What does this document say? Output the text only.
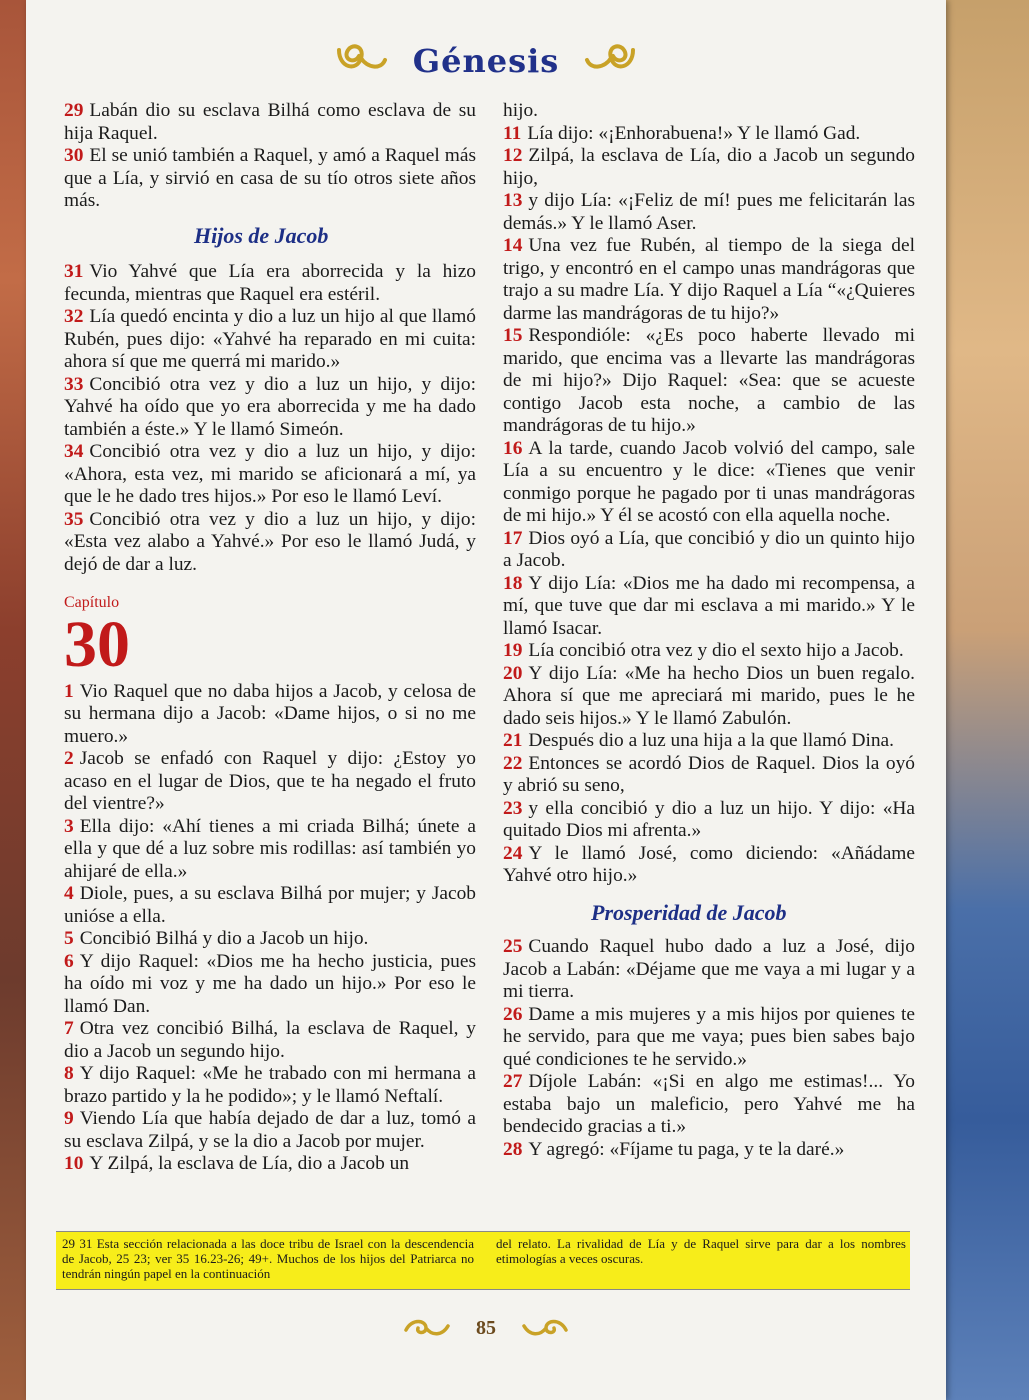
Génesis

29 Labán dio su esclava Bilhá como esclava de su hija Raquel.

30 El se unió también a Raquel, y amó a Raquel más que a Lía, y sirvió en casa de su tío otros siete años más.

Hijos de Jacob

31 Vio Yahvé que Lía era aborrecida y la hizo fecunda, mientras que Raquel era estéril.

32 Lía quedó encinta y dio a luz un hijo al que llamó Rubén, pues dijo: «Yahvé ha reparado en mi cuita: ahora sí que me querrá mi marido.»

33 Concibió otra vez y dio a luz un hijo, y dijo: Yahvé ha oído que yo era aborrecida y me ha dado también a éste.» Y le llamó Simeón.

34 Concibió otra vez y dio a luz un hijo, y dijo: «Ahora, esta vez, mi marido se aficionará a mí, ya que le he dado tres hijos.» Por eso le llamó Leví.

35 Concibió otra vez y dio a luz un hijo, y dijo: «Esta vez alabo a Yahvé.» Por eso le llamó Judá, y dejó de dar a luz.

Capítulo
30

1 Vio Raquel que no daba hijos a Jacob, y celosa de su hermana dijo a Jacob: «Dame hijos, o si no me muero.»

2 Jacob se enfadó con Raquel y dijo: ¿Estoy yo acaso en el lugar de Dios, que te ha negado el fruto del vientre?»

3 Ella dijo: «Ahí tienes a mi criada Bilhá; únete a ella y que dé a luz sobre mis rodillas: así también yo ahijaré de ella.»

4 Diole, pues, a su esclava Bilhá por mujer; y Jacob unióse a ella.

5 Concibió Bilhá y dio a Jacob un hijo.

6 Y dijo Raquel: «Dios me ha hecho justicia, pues ha oído mi voz y me ha dado un hijo.» Por eso le llamó Dan.

7 Otra vez concibió Bilhá, la esclava de Raquel, y dio a Jacob un segundo hijo.

8 Y dijo Raquel: «Me he trabado con mi hermana a brazo partido y la he podido»; y le llamó Neftalí.

9 Viendo Lía que había dejado de dar a luz, tomó a su esclava Zilpá, y se la dio a Jacob por mujer.

10 Y Zilpá, la esclava de Lía, dio a Jacob un

hijo.

11 Lía dijo: «¡Enhorabuena!» Y le llamó Gad.

12 Zilpá, la esclava de Lía, dio a Jacob un segundo hijo,

13 y dijo Lía: «¡Feliz de mí! pues me felicitarán las demás.» Y le llamó Aser.

14 Una vez fue Rubén, al tiempo de la siega del trigo, y encontró en el campo unas mandrágoras que trajo a su madre Lía. Y dijo Raquel a Lía “«¿Quieres darme las mandrágoras de tu hijo?»

15 Respondióle: «¿Es poco haberte llevado mi marido, que encima vas a llevarte las mandrágoras de mi hijo?» Dijo Raquel: «Sea: que se acueste contigo Jacob esta noche, a cambio de las mandrágoras de tu hijo.»

16 A la tarde, cuando Jacob volvió del campo, sale Lía a su encuentro y le dice: «Tienes que venir conmigo porque he pagado por ti unas mandrágoras de mi hijo.» Y él se acostó con ella aquella noche.

17 Dios oyó a Lía, que concibió y dio un quinto hijo a Jacob.

18 Y dijo Lía: «Dios me ha dado mi recompensa, a mí, que tuve que dar mi esclava a mi marido.» Y le llamó Isacar.

19 Lía concibió otra vez y dio el sexto hijo a Jacob.

20 Y dijo Lía: «Me ha hecho Dios un buen regalo. Ahora sí que me apreciará mi marido, pues le he dado seis hijos.» Y le llamó Zabulón.

21 Después dio a luz una hija a la que llamó Dina.

22 Entonces se acordó Dios de Raquel. Dios la oyó y abrió su seno,

23 y ella concibió y dio a luz un hijo. Y dijo: «Ha quitado Dios mi afrenta.»

24 Y le llamó José, como diciendo: «Añádame Yahvé otro hijo.»

Prosperidad de Jacob

25 Cuando Raquel hubo dado a luz a José, dijo Jacob a Labán: «Déjame que me vaya a mi lugar y a mi tierra.

26 Dame a mis mujeres y a mis hijos por quienes te he servido, para que me vaya; pues bien sabes bajo qué condiciones te he servido.»

27 Díjole Labán: «¡Si en algo me estimas!... Yo estaba bajo un maleficio, pero Yahvé me ha bendecido gracias a ti.»

28 Y agregó: «Fíjame tu paga, y te la daré.»

29 31 Esta sección relacionada a las doce tribu de Israel con la descendencia de Jacob, 25 23; ver 35 16.23-26; 49+. Muchos de los hijos del Patriarca no tendrán ningún papel en la continuación
del relato. La rivalidad de Lía y de Raquel sirve para dar a los nombres etimologías a veces oscuras.
85
